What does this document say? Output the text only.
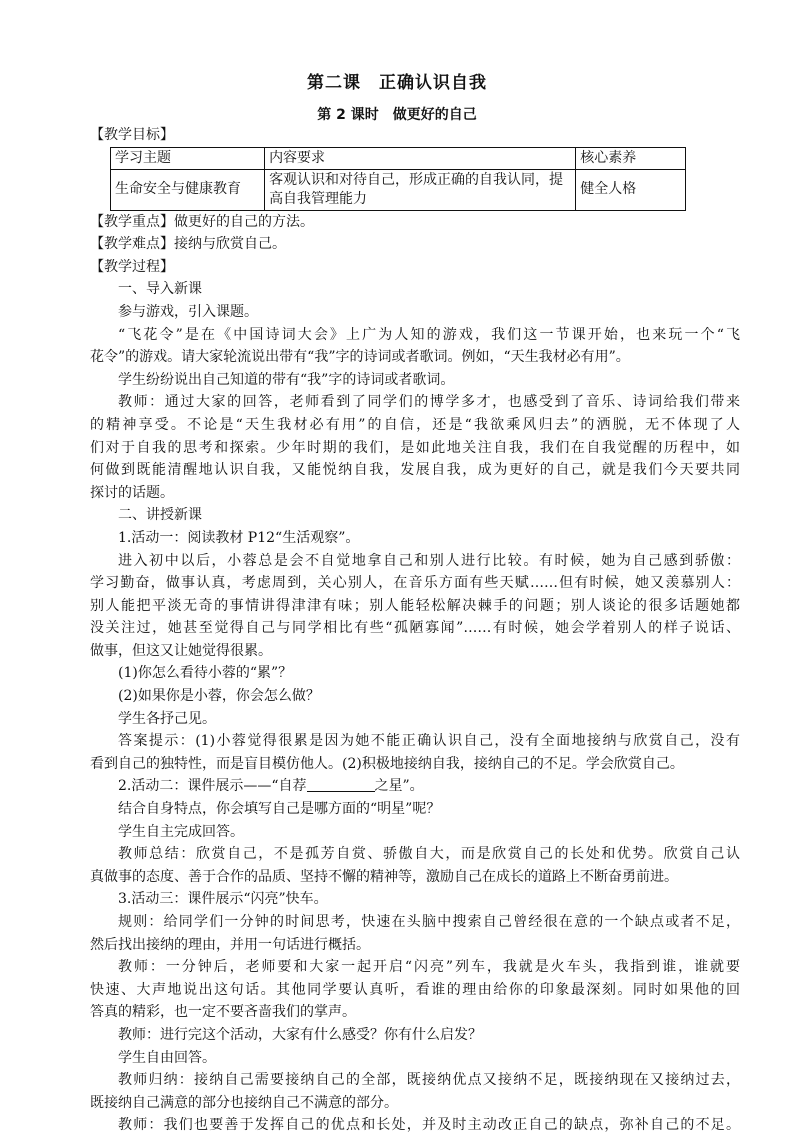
第二课　正确认识自我
第 2 课时　做更好的自己
【教学目标】
学习主题	内容要求	核心素养
生命安全与健康教育	客观认识和对待自己，形成正确的自我认同，提高自我管理能力	健全人格
【教学重点】做更好的自己的方法。
【教学难点】接纳与欣赏自己。
【教学过程】
一、导入新课
参与游戏，引入课题。
“飞花令”是在《中国诗词大会》上广为人知的游戏，我们这一节课开始，也来玩一个“飞
花令”的游戏。请大家轮流说出带有“我”字的诗词或者歌词。例如，“天生我材必有用”。
学生纷纷说出自己知道的带有“我”字的诗词或者歌词。
教师：通过大家的回答，老师看到了同学们的博学多才，也感受到了音乐、诗词给我们带来
的精神享受。不论是“天生我材必有用”的自信，还是“我欲乘风归去”的洒脱，无不体现了人
们对于自我的思考和探索。少年时期的我们，是如此地关注自我，我们在自我觉醒的历程中，如
何做到既能清醒地认识自我，又能悦纳自我，发展自我，成为更好的自己，就是我们今天要共同
探讨的话题。
二、讲授新课
1.活动一：阅读教材 P12“生活观察”。
进入初中以后，小蓉总是会不自觉地拿自己和别人进行比较。有时候，她为自己感到骄傲：
学习勤奋，做事认真，考虑周到，关心别人，在音乐方面有些天赋……但有时候，她又羡慕别人：
别人能把平淡无奇的事情讲得津津有味；别人能轻松解决棘手的问题；别人谈论的很多话题她都
没关注过，她甚至觉得自己与同学相比有些“孤陋寡闻”……有时候，她会学着别人的样子说话、
做事，但这又让她觉得很累。
(1)你怎么看待小蓉的“累”？
(2)如果你是小蓉，你会怎么做？
学生各抒己见。
答案提示：(1)小蓉觉得很累是因为她不能正确认识自己，没有全面地接纳与欣赏自己，没有
看到自己的独特性，而是盲目模仿他人。(2)积极地接纳自我，接纳自己的不足。学会欣赏自己。
2.活动二：课件展示——“自荐	之星”。
结合自身特点，你会填写自己是哪方面的“明星”呢？
学生自主完成回答。
教师总结：欣赏自己，不是孤芳自赏、骄傲自大，而是欣赏自己的长处和优势。欣赏自己认
真做事的态度、善于合作的品质、坚持不懈的精神等，激励自己在成长的道路上不断奋勇前进。
3.活动三：课件展示“闪亮”快车。
规则：给同学们一分钟的时间思考，快速在头脑中搜索自己曾经很在意的一个缺点或者不足，
然后找出接纳的理由，并用一句话进行概括。
教师：一分钟后，老师要和大家一起开启“闪亮”列车，我就是火车头，我指到谁，谁就要
快速、大声地说出这句话。其他同学要认真听，看谁的理由给你的印象最深刻。同时如果他的回
答真的精彩，也一定不要吝啬我们的掌声。
教师：进行完这个活动，大家有什么感受？你有什么启发？
学生自由回答。
教师归纳：接纳自己需要接纳自己的全部，既接纳优点又接纳不足，既接纳现在又接纳过去，
既接纳自己满意的部分也接纳自己不满意的部分。
教师：我们也要善于发挥自己的优点和长处，并及时主动改正自己的缺点，弥补自己的不足。
